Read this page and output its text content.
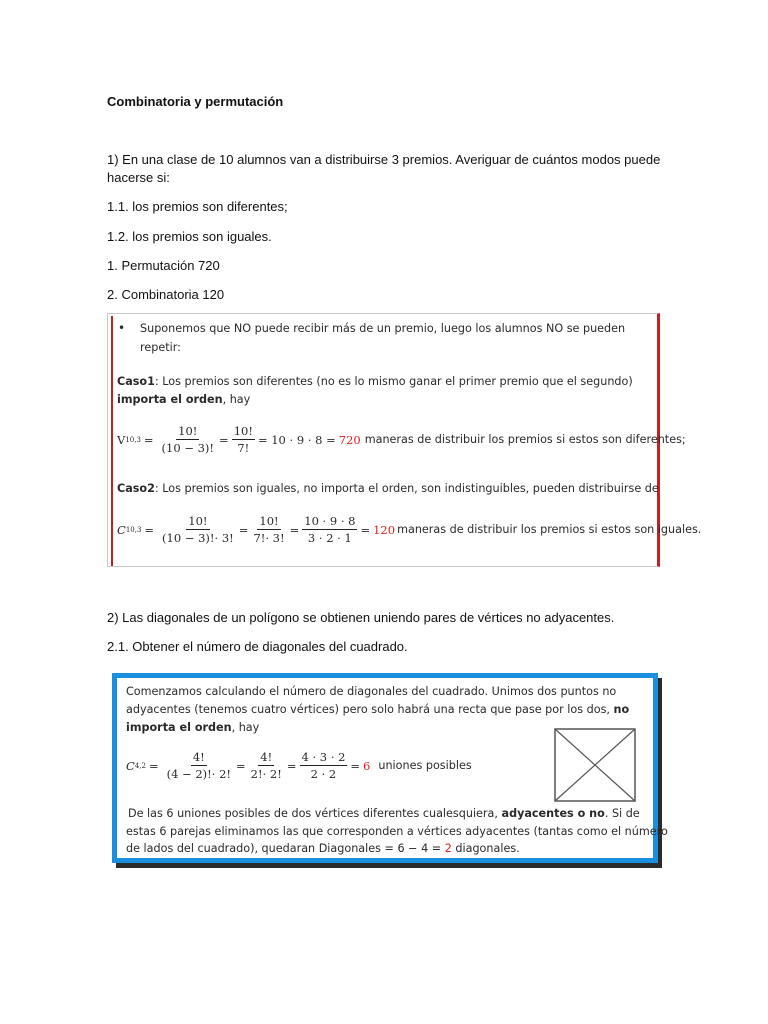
Combinatoria y permutación

1) En una clase de 10 alumnos van a distribuirse 3 premios. Averiguar de cuántos modos puede hacerse si:

1.1. los premios son diferentes;

1.2. los premios son iguales.

1. Permutación 720

2. Combinatoria 120

• Suponemos que NO puede recibir más de un premio, luego los alumnos NO se pueden
repetir:
Caso1: Los premios son diferentes (no es lo mismo ganar el primer premio que el segundo)
importa el orden, hay
V $10,3 = \frac{10!}{(10 - 3)!} = \frac{10!}{7!} = 10 \cdot 9 \cdot 8 = 720$ maneras de distribuir los premios si estos son diferentes;
Caso2: Los premios son iguales, no importa el orden, son indistinguibles, pueden distribuirse de
C $10,3 = \frac{10!}{(10 - 3)!\cdot 3!} = \frac{10!}{7!\cdot 3!} = \frac{10 \cdot 9 \cdot 8}{3 \cdot 2 \cdot 1} = 120$ maneras de distribuir los premios si estos son iguales.

2) Las diagonales de un polígono se obtienen uniendo pares de vértices no adyacentes.

2.1. Obtener el número de diagonales del cuadrado.

Comenzamos calculando el número de diagonales del cuadrado. Unimos dos puntos no
adyacentes (tenemos cuatro vértices) pero solo habrá una recta que pase por los dos, no
importa el orden, hay
C $4,2 = \frac{4!}{(4 - 2)!\cdot 2!} = \frac{4!}{2!\cdot 2!} = \frac{4 \cdot 3 \cdot 2}{2 \cdot 2} = 6$ uniones posibles
De las 6 uniones posibles de dos vértices diferentes cualesquiera, adyacentes o no. Si de
estas 6 parejas eliminamos las que corresponden a vértices adyacentes (tantas como el número
de lados del cuadrado), quedaran Diagonales = 6 − 4 = 2 diagonales.
